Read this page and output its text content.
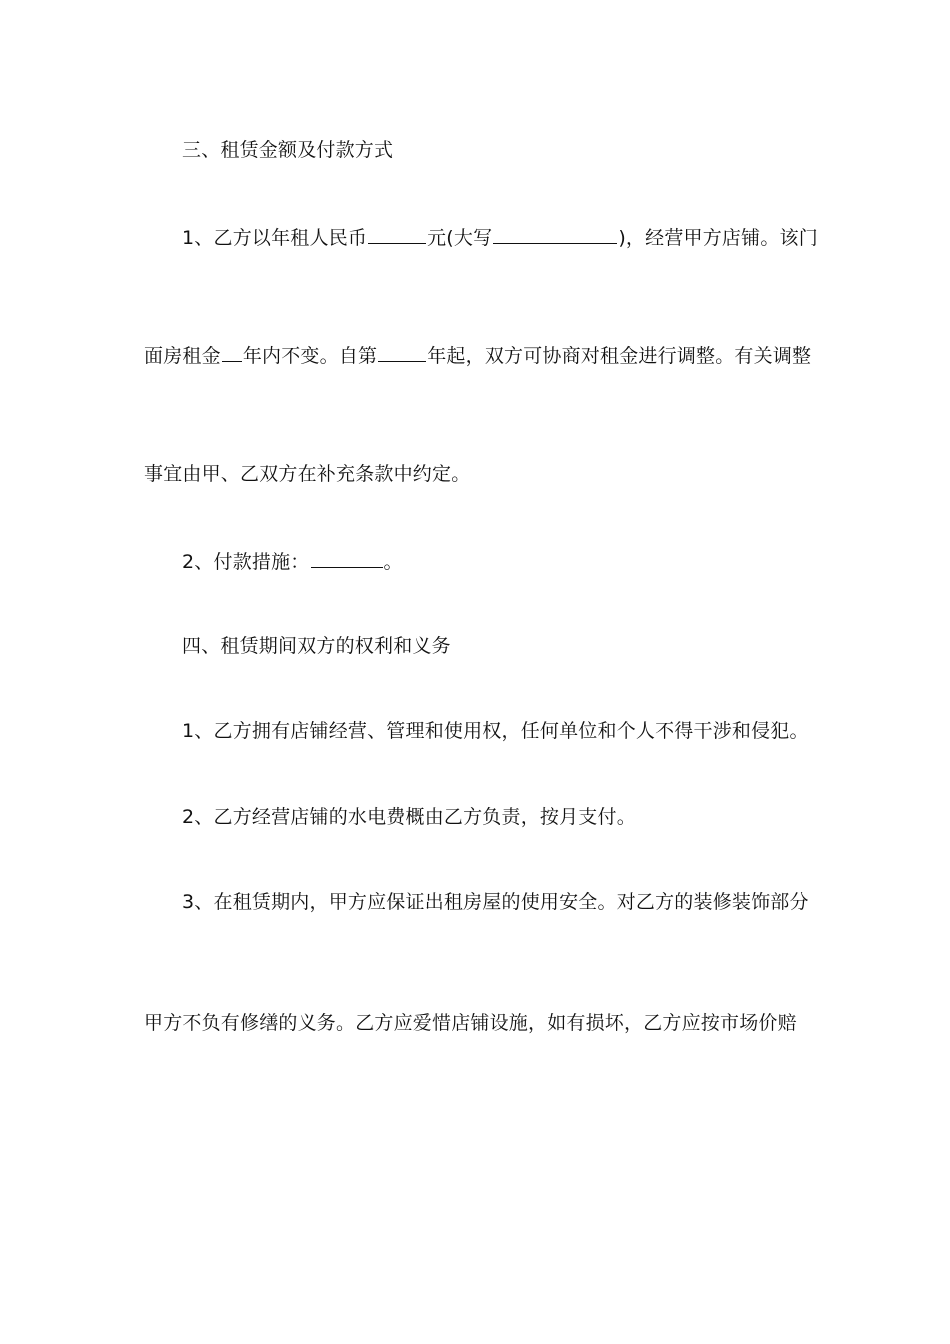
三、租赁金额及付款方式
1、乙方以年租人民币	元(大写	)，经营甲方店铺。该门
面房租金 年内不变。自第	年起，双方可协商对租金进行调整。有关调整
事宜由甲、乙双方在补充条款中约定。
2、付款措施：	。
四、租赁期间双方的权利和义务
1、乙方拥有店铺经营、管理和使用权，任何单位和个人不得干涉和侵犯。
2、乙方经营店铺的水电费概由乙方负责，按月支付。
3、在租赁期内，甲方应保证出租房屋的使用安全。对乙方的装修装饰部分
甲方不负有修缮的义务。乙方应爱惜店铺设施，如有损坏，乙方应按市场价赔
